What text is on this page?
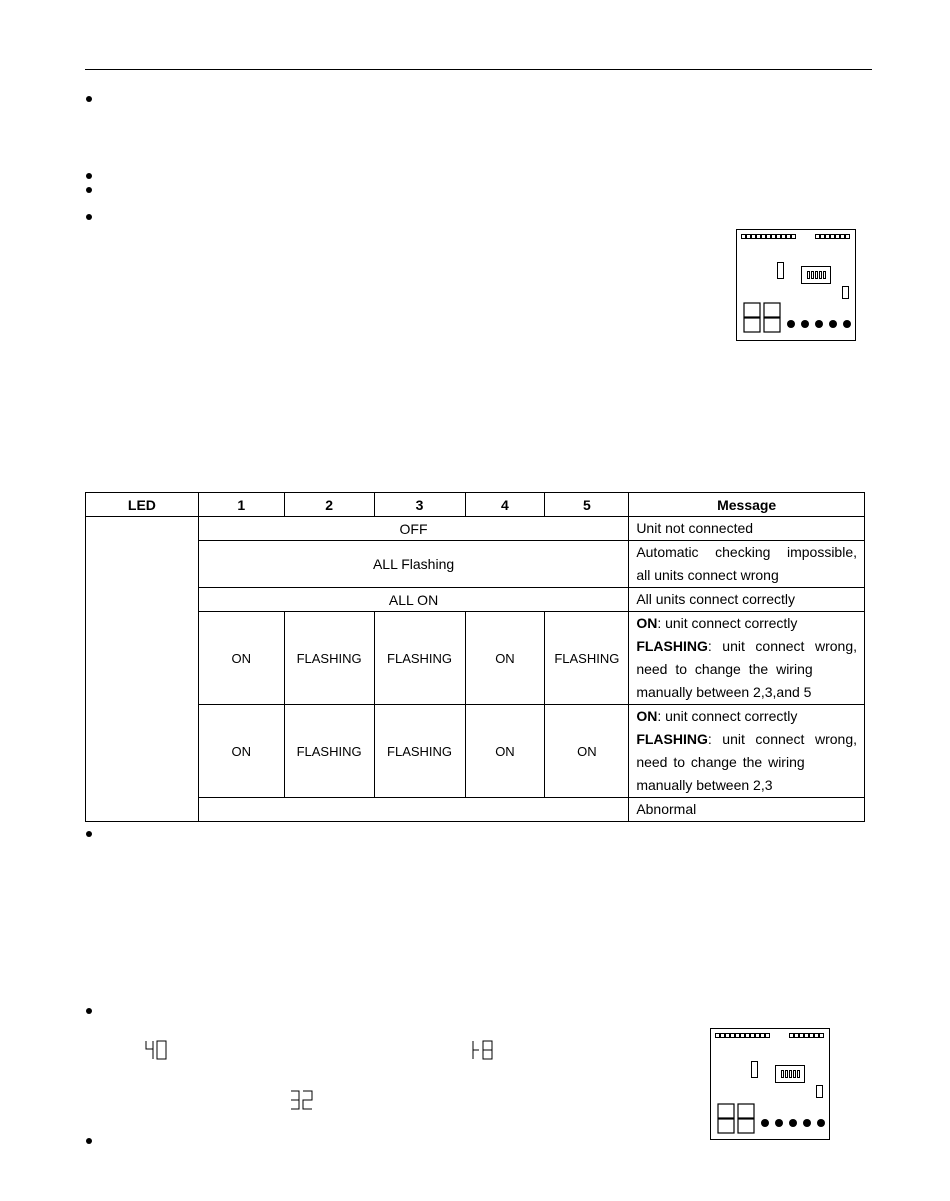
LED	1	2	3	4	5	Message
	OFF					Unit not connected
	ALL Flashing					Automatic checking impossible,
all units connect wrong
	ALL ON					All units connect correctly
	ON	FLASHING	FLASHING	ON	FLASHING	ON: unit connect correctly
FLASHING: unit connect wrong,
need to change the wiring
manually between 2,3,and 5

	ON	FLASHING	FLASHING	ON	ON	ON: unit connect correctly
FLASHING: unit connect wrong,
need to change the wiring
manually between 2,3

						Abnormal
40	18
32
